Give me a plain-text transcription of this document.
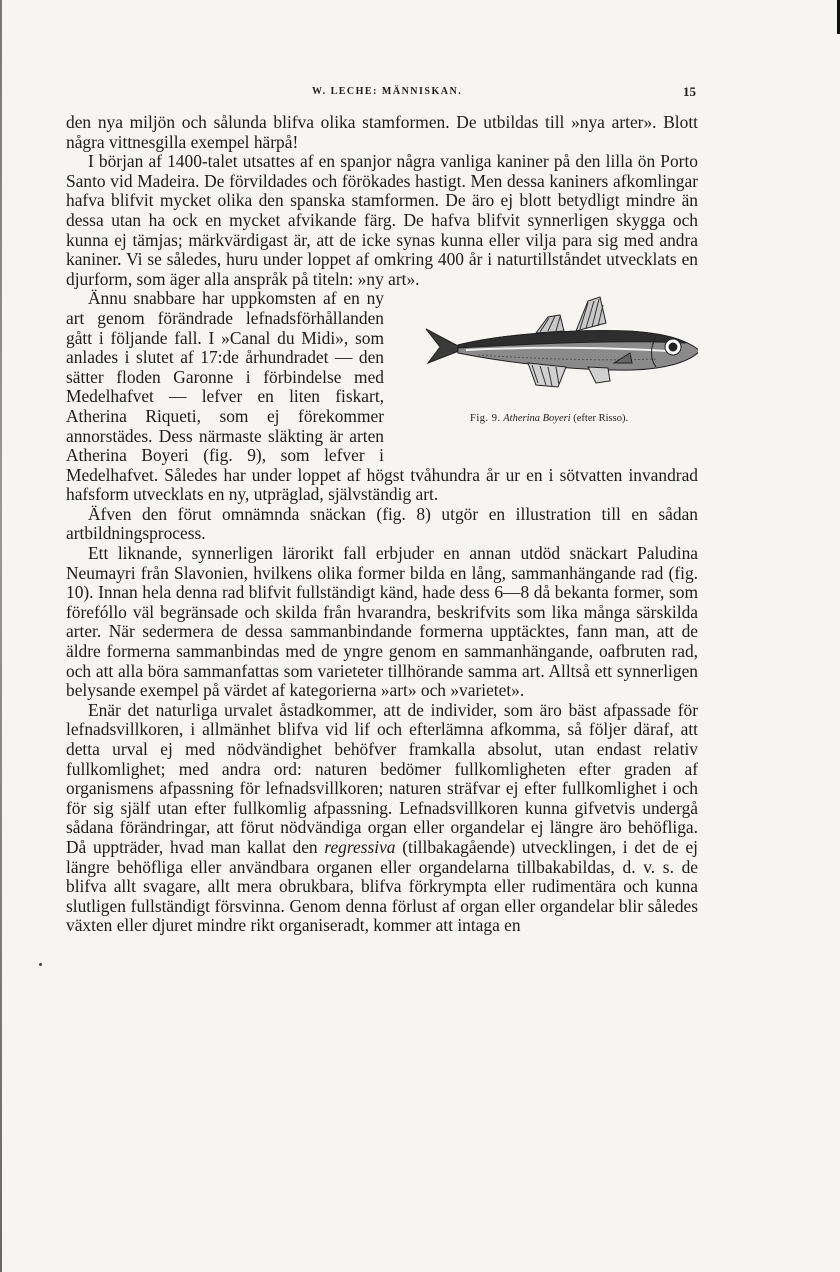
W. LECHE: MÄNNISKAN.	15

den nya miljön och sålunda blifva olika stamformen. De utbildas till »nya arter». Blott några vittnesgilla exempel härpå!

I början af 1400-talet utsattes af en spanjor några vanliga kaniner på den lilla ön Porto Santo vid Madeira. De förvildades och förökades hastigt. Men dessa kaniners afkomlingar hafva blifvit mycket olika den spanska stamformen. De äro ej blott betydligt mindre än dessa utan ha ock en mycket afvikande färg. De hafva blifvit synnerligen skygga och kunna ej tämjas; märkvärdigast är, att de icke synas kunna eller vilja para sig med andra kaniner. Vi se således, huru under loppet af omkring 400 år i naturtillståndet utvecklats en djurform, som äger alla anspråk på titeln: »ny art».

Fig. 9. Atherina Boyeri (efter Risso).
Ännu snabbare har uppkomsten af en ny art genom förändrade lefnadsförhållanden gått i följande fall. I »Canal du Midi», som anlades i slutet af 17:de århundradet — den sätter floden Garonne i förbindelse med Medelhafvet — lefver en liten fiskart, Atherina Riqueti, som ej förekommer annorstädes. Dess närmaste släkting är arten Atherina Boyeri (fig. 9), som lefver i Medelhafvet. Således har under loppet af högst tvåhundra år ur en i sötvatten invandrad hafsform utvecklats en ny, utpräglad, självständig art.

Äfven den förut omnämnda snäckan (fig. 8) utgör en illustration till en sådan artbildningsprocess.

Ett liknande, synnerligen lärorikt fall erbjuder en annan utdöd snäckart Paludina Neumayri från Slavonien, hvilkens olika former bilda en lång, sammanhängande rad (fig. 10). Innan hela denna rad blifvit fullständigt känd, hade dess 6—8 då bekanta former, som förefóllo väl begränsade och skilda från hvarandra, beskrifvits som lika många särskilda arter. När sedermera de dessa sammanbindande formerna upptäcktes, fann man, att de äldre formerna sammanbindas med de yngre genom en sammanhängande, oafbruten rad, och att alla böra sammanfattas som varieteter tillhörande samma art. Alltså ett synnerligen belysande exempel på värdet af kategorierna »art» och »varietet».

Enär det naturliga urvalet åstadkommer, att de individer, som äro bäst afpassade för lefnadsvillkoren, i allmänhet blifva vid lif och efterlämna afkomma, så följer däraf, att detta urval ej med nödvändighet behöfver framkalla absolut, utan endast relativ fullkomlighet; med andra ord: naturen bedömer fullkomligheten efter graden af organismens afpassning för lefnadsvillkoren; naturen sträfvar ej efter fullkomlighet i och för sig själf utan efter fullkomlig afpassning. Lefnadsvillkoren kunna gifvetvis undergå sådana förändringar, att förut nödvändiga organ eller organdelar ej längre äro behöfliga. Då uppträder, hvad man kallat den regressiva (tillbakagående) utvecklingen, i det de ej längre behöfliga eller användbara organen eller organdelarna tillbakabildas, d. v. s. de blifva allt svagare, allt mera obrukbara, blifva förkrympta eller rudimentära och kunna slutligen fullständigt försvinna. Genom denna förlust af organ eller organdelar blir således växten eller djuret mindre rikt organiseradt, kommer att intaga en
